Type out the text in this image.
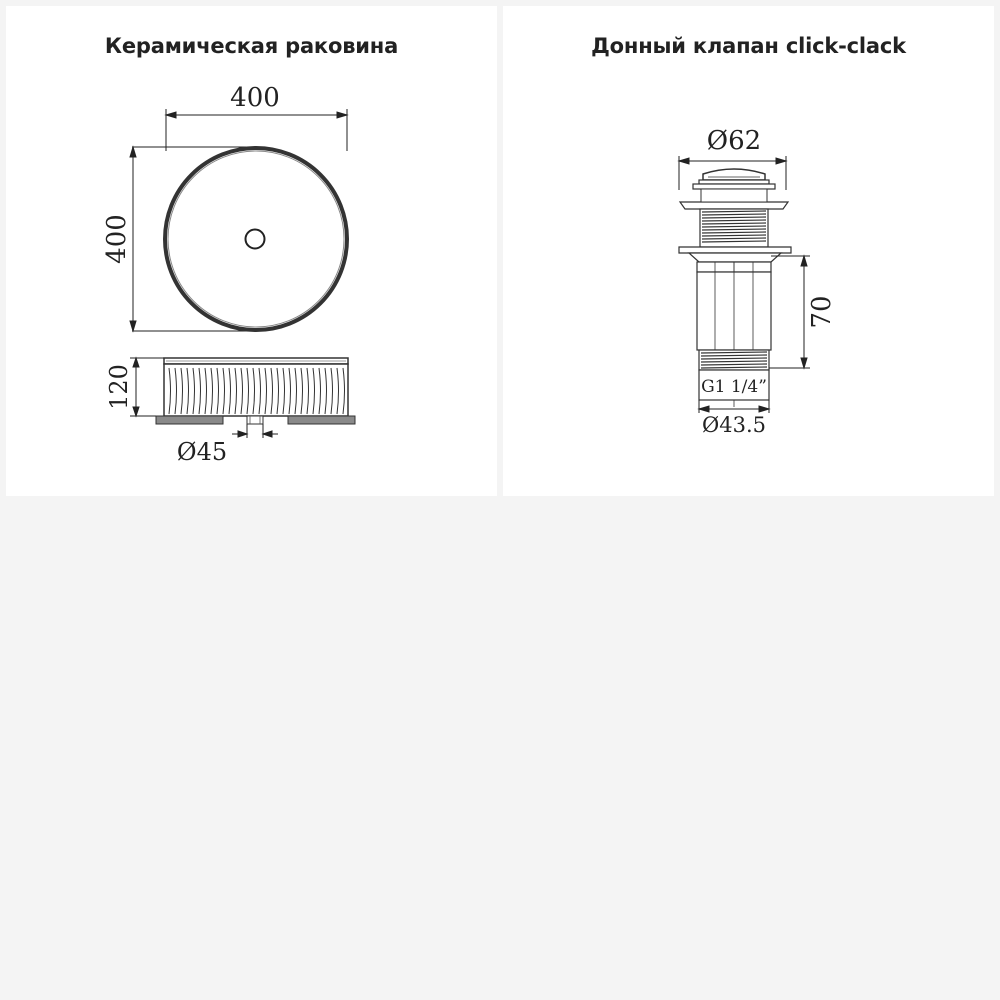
Керамическая раковина
400
400
120
Ø45
Донный клапан click-clack
Ø62
G1 1/4”
Ø43.5
70
